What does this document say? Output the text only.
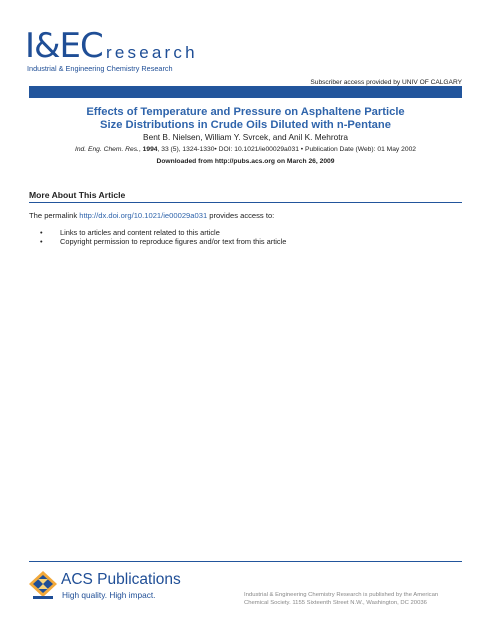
I&EC research
Industrial & Engineering Chemistry Research
Subscriber access provided by UNIV OF CALGARY
Effects of Temperature and Pressure on Asphaltene Particle
Size Distributions in Crude Oils Diluted with n-Pentane
Bent B. Nielsen, William Y. Svrcek, and Anil K. Mehrotra
Ind. Eng. Chem. Res., 1994, 33 (5), 1324-1330• DOI: 10.1021/ie00029a031 • Publication Date (Web): 01 May 2002
Downloaded from http://pubs.acs.org on March 26, 2009
More About This Article
The permalink http://dx.doi.org/10.1021/ie00029a031 provides access to:
• Links to articles and content related to this article
• Copyright permission to reproduce figures and/or text from this article
ACS Publications
High quality. High impact.	Industrial & Engineering Chemistry Research is published by the American Chemical Society. 1155 Sixteenth Street N.W., Washington, DC 20036
